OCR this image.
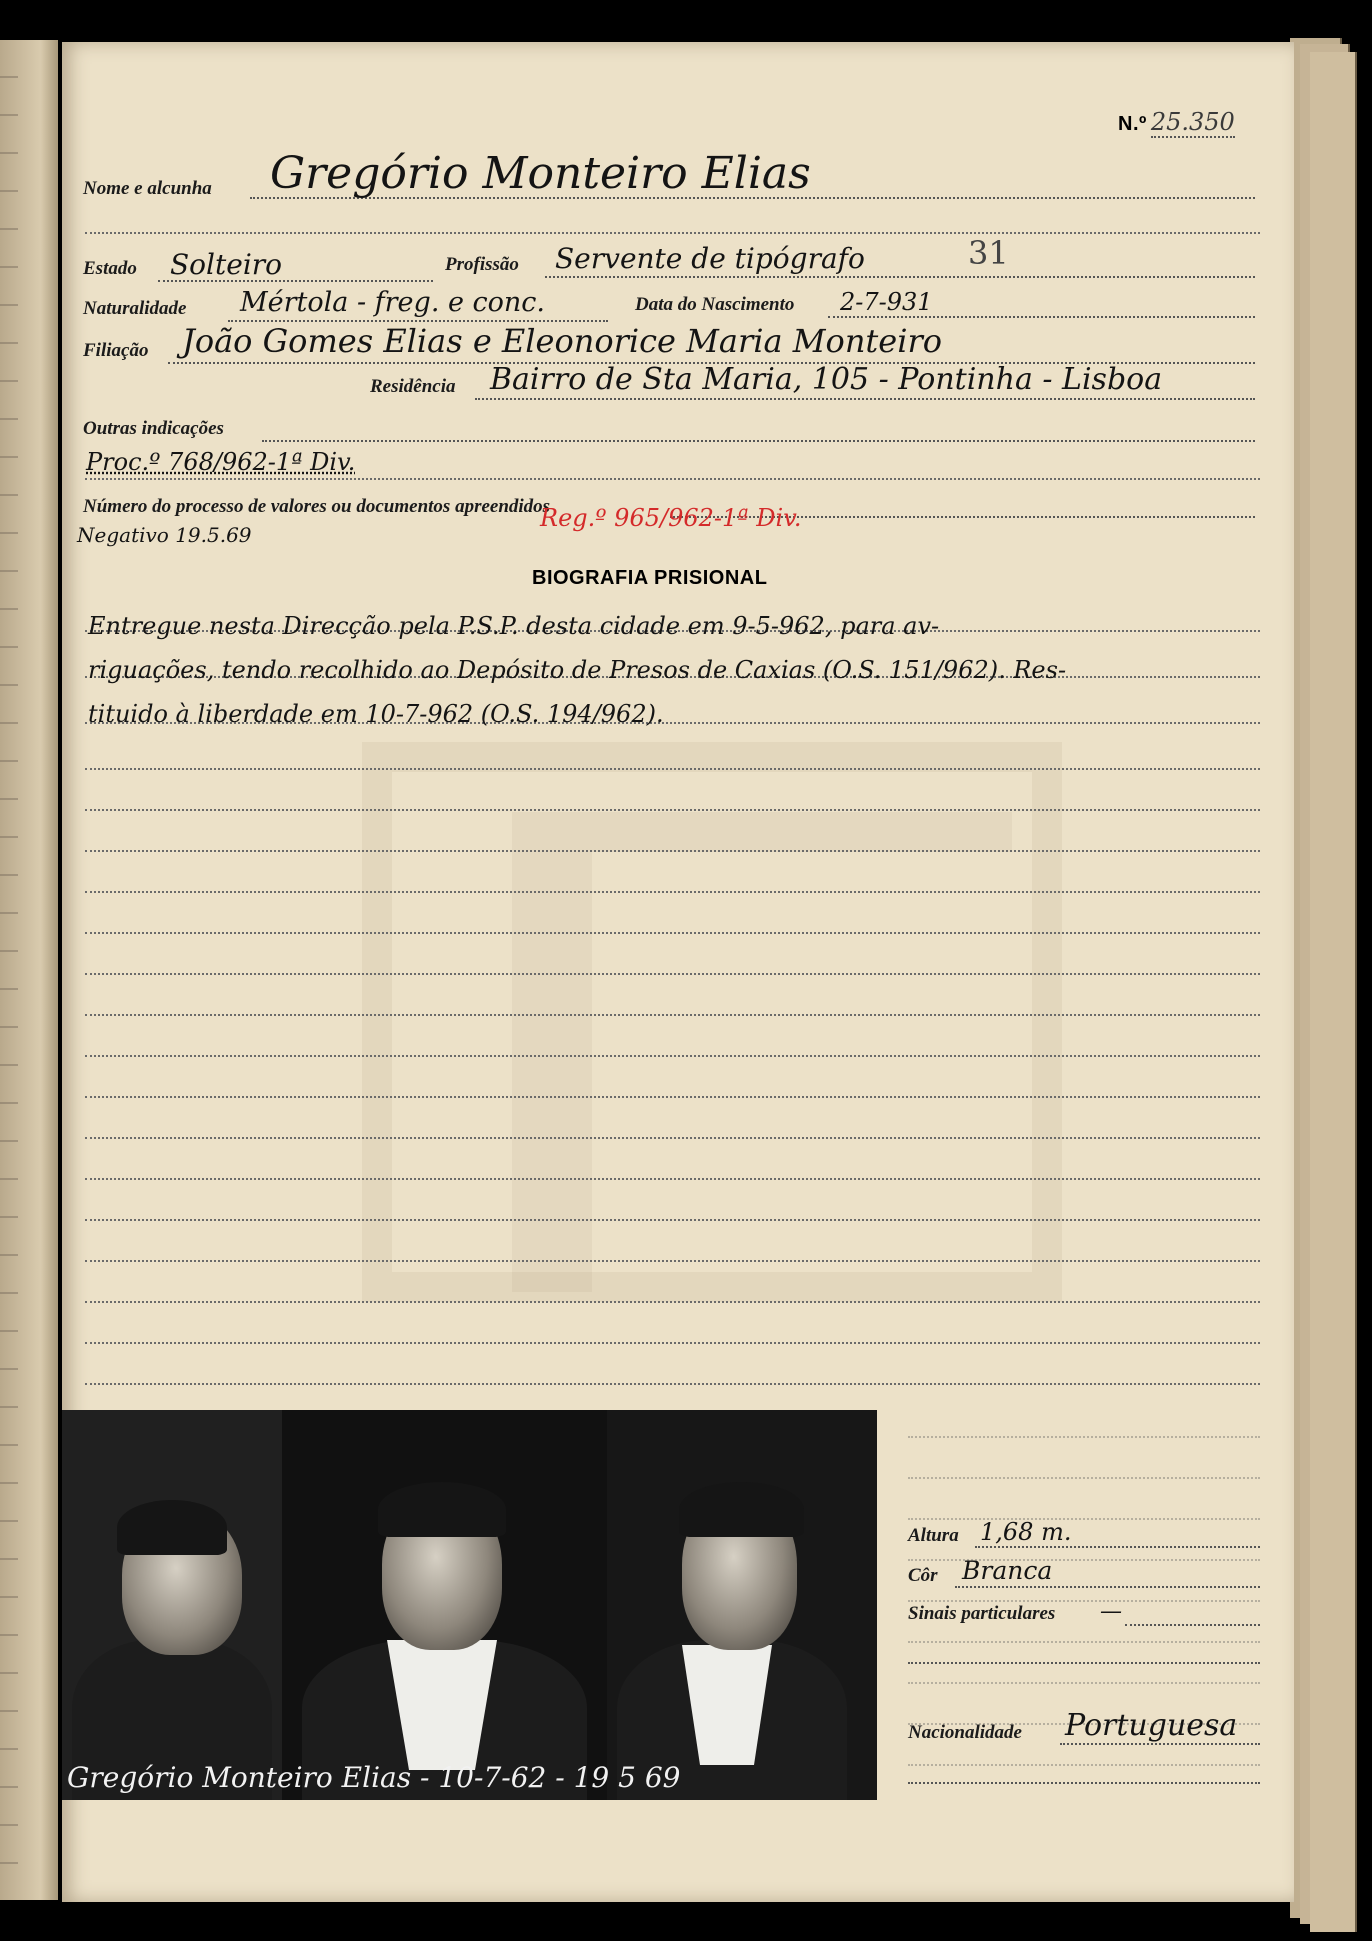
N.º 25.350
Nome e alcunha Gregório Monteiro Elias
Estado Solteiro	Profissão Servente de tipógrafo	31
Naturalidade Mértola - freg. e conc.	Data do Nascimento 2-7-931
Filiação João Gomes Elias e Eleonorice Maria Monteiro
Residência Bairro de Sta Maria, 105 - Pontinha - Lisboa
Outras indicações
Proc.º 768/962-1ª Div.
Número do processo de valores ou documentos apreendidos
Negativo 19.5.69
Reg.º 965/962-1ª Div.
BIOGRAFIA PRISIONAL
Entregue nesta Direcção pela P.S.P. desta cidade em 9-5-962, para av-
riguações, tendo recolhido ao Depósito de Presos de Caxias (O.S. 151/962). Res-
tituido à liberdade em 10-7-962 (O.S. 194/962).
Gregório Monteiro Elias - 10-7-62 - 19 5 69
Altura 1,68 m.
Côr Branca
Sinais particulares —
Nacionalidade Portuguesa
